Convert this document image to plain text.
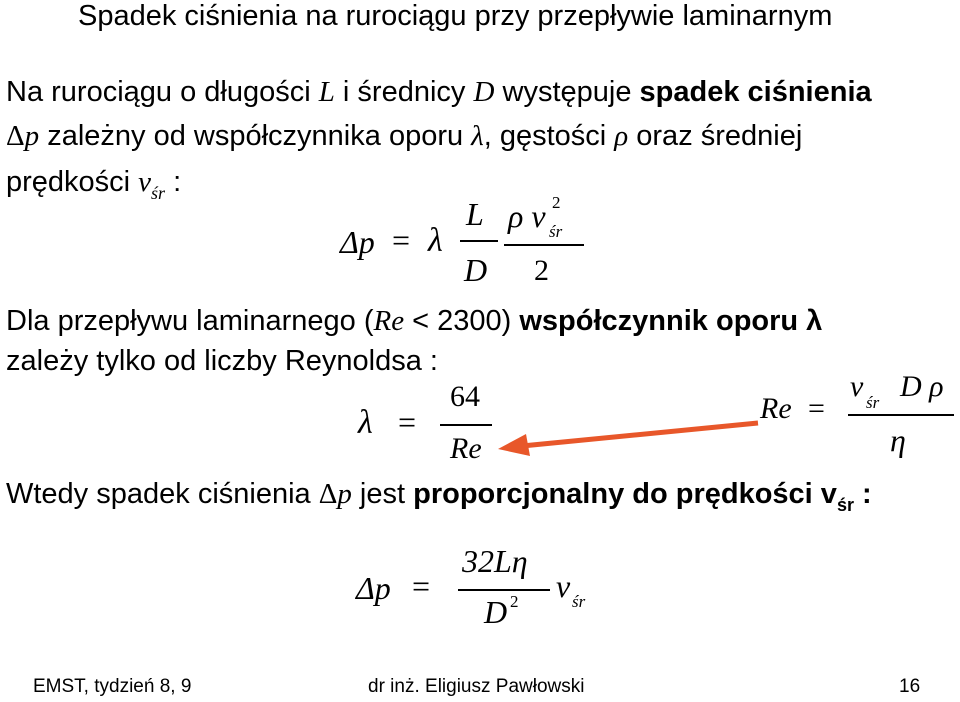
Spadek ciśnienia na rurociągu przy przepływie laminarnym
Na rurociągu o długości L i średnicy D występuje spadek ciśnienia
Δp zależny od współczynnika oporu λ, gęstości ρ oraz średniej
prędkości $v_{śr}$ :
Δp = λ
L
D
ρ v 2
śr
2
Dla przepływu laminarnego (Re < 2300) współczynnik oporu λ
zależy tylko od liczby Reynoldsa :
λ =
64
Re
Re =
v śr D ρ
η
Wtedy spadek ciśnienia Δp jest proporcjonalny do prędkości $v_{śr}$ :
Δp =
32Lη
D 2 v śr
EMST, tydzień 8, 9	dr inż. Eligiusz Pawłowski	16
